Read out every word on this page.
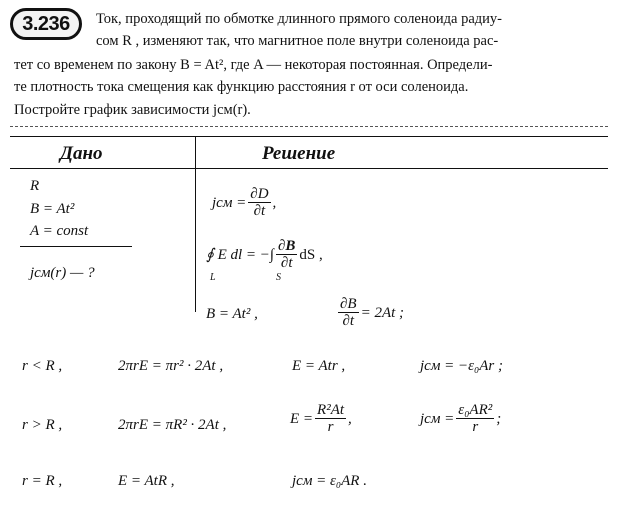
3.236	Ток, проходящий по обмотке длинного прямого соленоида радиу-
сом R , изменяют так, что магнитное поле внутри соленоида рас-
тет со временем по закону B = At², где A — некоторая постоянная. Определи-
те плотность тока смещения как функцию расстояния r от оси соленоида.
Постройте график зависимости jсм(r).
Дано	Решение
R
B = At²
A = const
jсм(r) — ?
jсм = $\frac{\partial D}{\partial t}$ ,
∮ E dl = −∫ $\frac{\partial B}{\partial t}$ dS ,
L	S
B = At² ,	$\frac{\partial B}{\partial t} = 2At$ ;
r < R ,	2πrE = πr² · 2At ,	E = Atr ,	jсм = −ε₀Ar ;
r > R ,	2πrE = πR² · 2At ,	$E = \frac{\text{R²At}}{r}$ ,	jсм = $\frac{\text{ε₀AR²}}{r}$ ;
r = R ,	E = AtR ,	jсм = ε₀AR .
